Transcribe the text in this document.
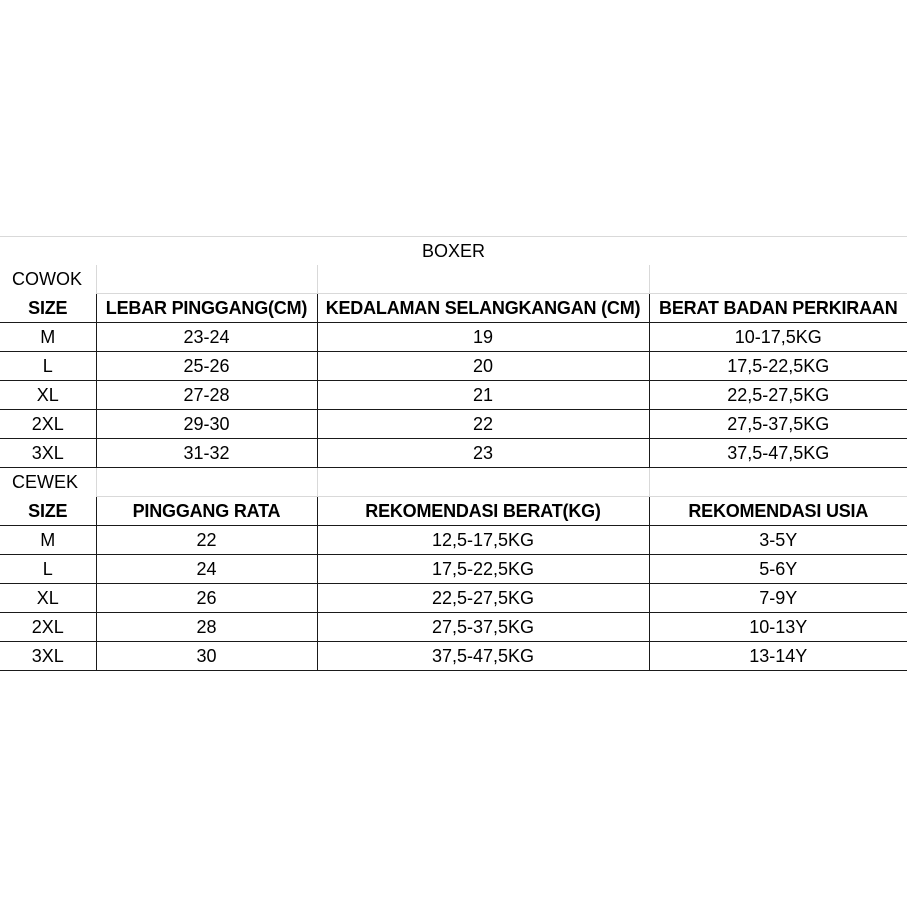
BOXER			
COWOK			
SIZE	LEBAR PINGGANG(CM)	KEDALAMAN SELANGKANGAN (CM)	BERAT BADAN PERKIRAAN
M	23-24	19	10-17,5KG
L	25-26	20	17,5-22,5KG
XL	27-28	21	22,5-27,5KG
2XL	29-30	22	27,5-37,5KG
3XL	31-32	23	37,5-47,5KG
CEWEK			
SIZE	PINGGANG RATA	REKOMENDASI BERAT(KG)	REKOMENDASI USIA
M	22	12,5-17,5KG	3-5Y
L	24	17,5-22,5KG	5-6Y
XL	26	22,5-27,5KG	7-9Y
2XL	28	27,5-37,5KG	10-13Y
3XL	30	37,5-47,5KG	13-14Y
